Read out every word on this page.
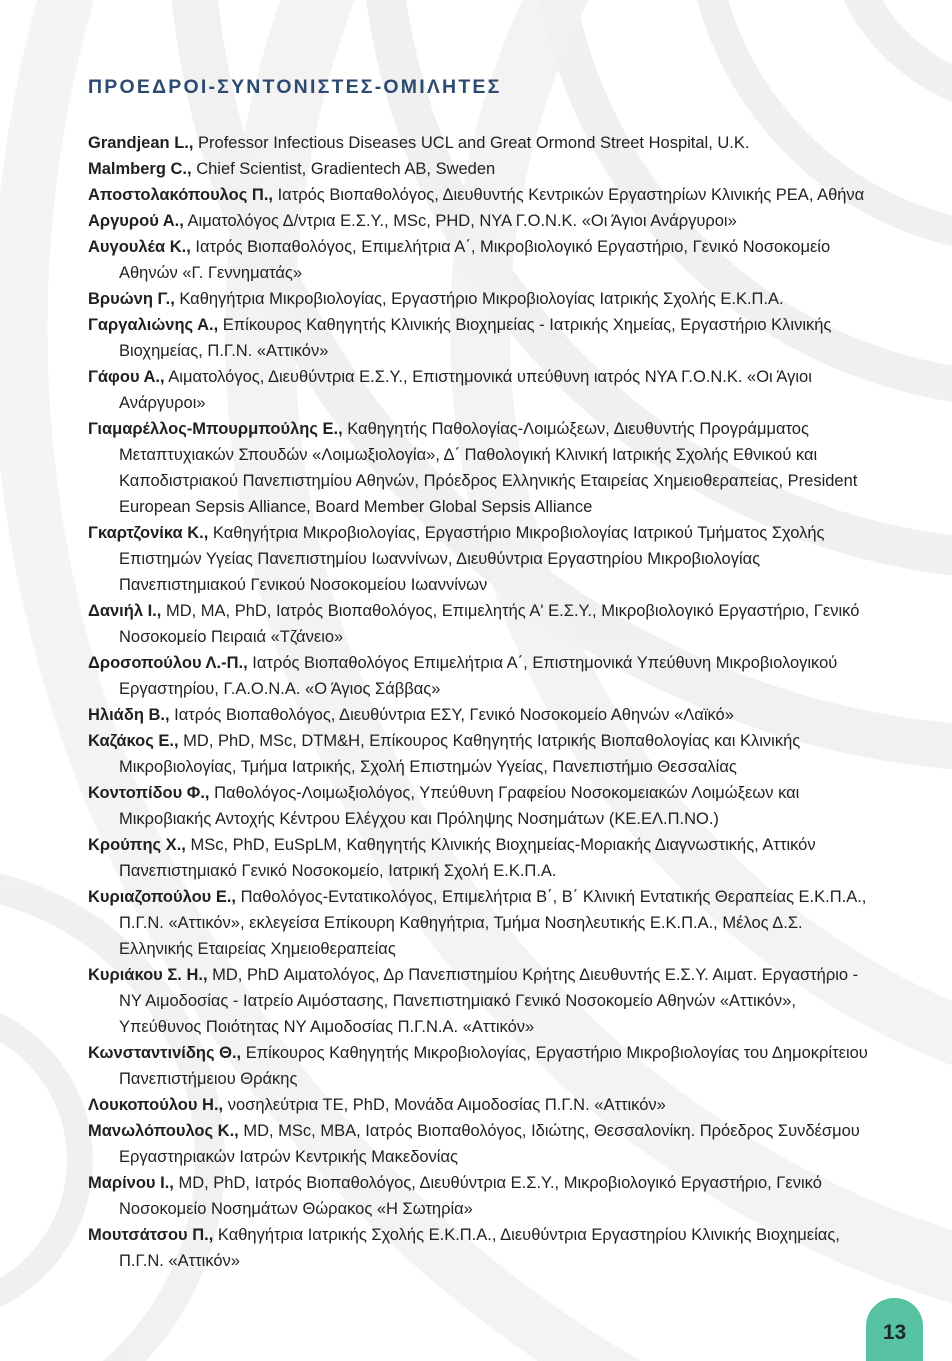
ΠΡΟΕΔΡΟΙ-ΣΥΝΤΟΝΙΣΤΕΣ-ΟΜΙΛΗΤΕΣ

Grandjean L., Professor Infectious Diseases UCL and Great Ormond Street Hospital, U.K.

Malmberg C., Chief Scientist, Gradientech AB, Sweden

Αποστολακόπουλος Π., Ιατρός Βιοπαθολόγος, Διευθυντής Κεντρικών Εργαστηρίων Κλινικής ΡΕΑ, Αθήνα

Αργυρού Α., Αιματολόγος Δ/ντρια Ε.Σ.Υ., MSc, PHD, ΝΥΑ Γ.Ο.Ν.Κ. «Οι Άγιοι Ανάργυροι»

Αυγουλέα Κ., Ιατρός Βιοπαθολόγος, Επιμελήτρια Α΄, Μικροβιολογικό Εργαστήριο, Γενικό Νοσοκομείο Αθηνών «Γ. Γεννηματάς»

Βρυώνη Γ., Καθηγήτρια Μικροβιολογίας, Εργαστήριο Μικροβιολογίας Ιατρικής Σχολής Ε.Κ.Π.Α.

Γαργαλιώνης Α., Επίκουρος Καθηγητής Κλινικής Βιοχημείας - Ιατρικής Χημείας, Εργαστήριο Κλινικής Βιοχημείας, Π.Γ.Ν. «Αττικόν»

Γάφου Α., Αιματολόγος, Διευθύντρια Ε.Σ.Υ., Επιστημονικά υπεύθυνη ιατρός ΝΥΑ Γ.Ο.Ν.Κ. «Οι Άγιοι Ανάργυροι»

Γιαμαρέλλος-Μπουρμπούλης Ε., Καθηγητής Παθολογίας-Λοιμώξεων, Διευθυντής Προγράμματος Μεταπτυχιακών Σπουδών «Λοιμωξιολογία», Δ΄ Παθολογική Κλινική Ιατρικής Σχολής Εθνικού και Καποδιστριακού Πανεπιστημίου Αθηνών, Πρόεδρος Ελληνικής Εταιρείας Χημειοθεραπείας, President European Sepsis Alliance, Board Member Global Sepsis Alliance

Γκαρτζονίκα Κ., Καθηγήτρια Μικροβιολογίας, Εργαστήριο Μικροβιολογίας Ιατρικού Τμήματος Σχολής Επιστημών Υγείας Πανεπιστημίου Ιωαννίνων, Διευθύντρια Εργαστηρίου Μικροβιολογίας Πανεπιστημιακού Γενικού Νοσοκομείου Ιωαννίνων

Δανιήλ Ι., MD, MA, PhD, Ιατρός Βιοπαθολόγος, Επιμελητής Α' Ε.Σ.Υ., Μικροβιολογικό Εργαστήριο, Γενικό Νοσοκομείο Πειραιά «Τζάνειο»

Δροσοπούλου Λ.-Π., Ιατρός Βιοπαθολόγος Επιμελήτρια Α΄, Επιστημονικά Υπεύθυνη Μικροβιολογικού Εργαστηρίου, Γ.Α.Ο.Ν.Α. «Ο Άγιος Σάββας»

Ηλιάδη Β., Ιατρός Βιοπαθολόγος, Διευθύντρια ΕΣΥ, Γενικό Νοσοκομείο Αθηνών «Λαϊκό»

Καζάκος Ε., MD, PhD, MSc, DTM&H, Επίκουρος Καθηγητής Ιατρικής Βιοπαθολογίας και Κλινικής Μικροβιολογίας, Τμήμα Ιατρικής, Σχολή Επιστημών Υγείας, Πανεπιστήμιο Θεσσαλίας

Κοντοπίδου Φ., Παθολόγος-Λοιμωξιολόγος, Υπεύθυνη Γραφείου Νοσοκομειακών Λοιμώξεων και Μικροβιακής Αντοχής Κέντρου Ελέγχου και Πρόληψης Νοσημάτων (ΚΕ.ΕΛ.Π.ΝΟ.)

Κρούπης Χ., MSc, PhD, EuSpLM, Καθηγητής Κλινικής Βιοχημείας-Μοριακής Διαγνωστικής, Αττικόν Πανεπιστημιακό Γενικό Νοσοκομείο, Ιατρική Σχολή Ε.Κ.Π.Α.

Κυριαζοπούλου Ε., Παθολόγος-Εντατικολόγος, Επιμελήτρια Β΄, Β΄ Κλινική Εντατικής Θεραπείας Ε.Κ.Π.Α., Π.Γ.Ν. «Αττικόν», εκλεγείσα Επίκουρη Καθηγήτρια, Τμήμα Νοσηλευτικής Ε.Κ.Π.Α., Μέλος Δ.Σ. Ελληνικής Εταιρείας Χημειοθεραπείας

Κυριάκου Σ. Η., MD, PhD Αιματολόγος, Δρ Πανεπιστημίου Κρήτης Διευθυντής Ε.Σ.Υ. Αιματ. Εργαστήριο - ΝΥ Αιμοδοσίας - Ιατρείο Αιμόστασης, Πανεπιστημιακό Γενικό Νοσοκομείο Αθηνών «Αττικόν», Υπεύθυνος Ποιότητας ΝΥ Αιμοδοσίας Π.Γ.Ν.Α. «Αττικόν»

Κωνσταντινίδης Θ., Επίκουρος Καθηγητής Μικροβιολογίας, Εργαστήριο Μικροβιολογίας του Δημοκρίτειου Πανεπιστήμειου Θράκης

Λουκοπούλου Η., νοσηλεύτρια ΤΕ, PhD, Μονάδα Αιμοδοσίας Π.Γ.Ν. «Αττικόν»

Μανωλόπουλος Κ., MD, MSc, MBA, Ιατρός Βιοπαθολόγος, Ιδιώτης, Θεσσαλονίκη. Πρόεδρος Συνδέσμου Εργαστηριακών Ιατρών Κεντρικής Μακεδονίας

Μαρίνου Ι., MD, PhD, Ιατρός Βιοπαθολόγος, Διευθύντρια Ε.Σ.Υ., Μικροβιολογικό Εργαστήριο, Γενικό Νοσοκομείο Νοσημάτων Θώρακος «Η Σωτηρία»

Μουτσάτσου Π., Καθηγήτρια Ιατρικής Σχολής Ε.Κ.Π.Α., Διευθύντρια Εργαστηρίου Κλινικής Βιοχημείας, Π.Γ.Ν. «Αττικόν»

13
